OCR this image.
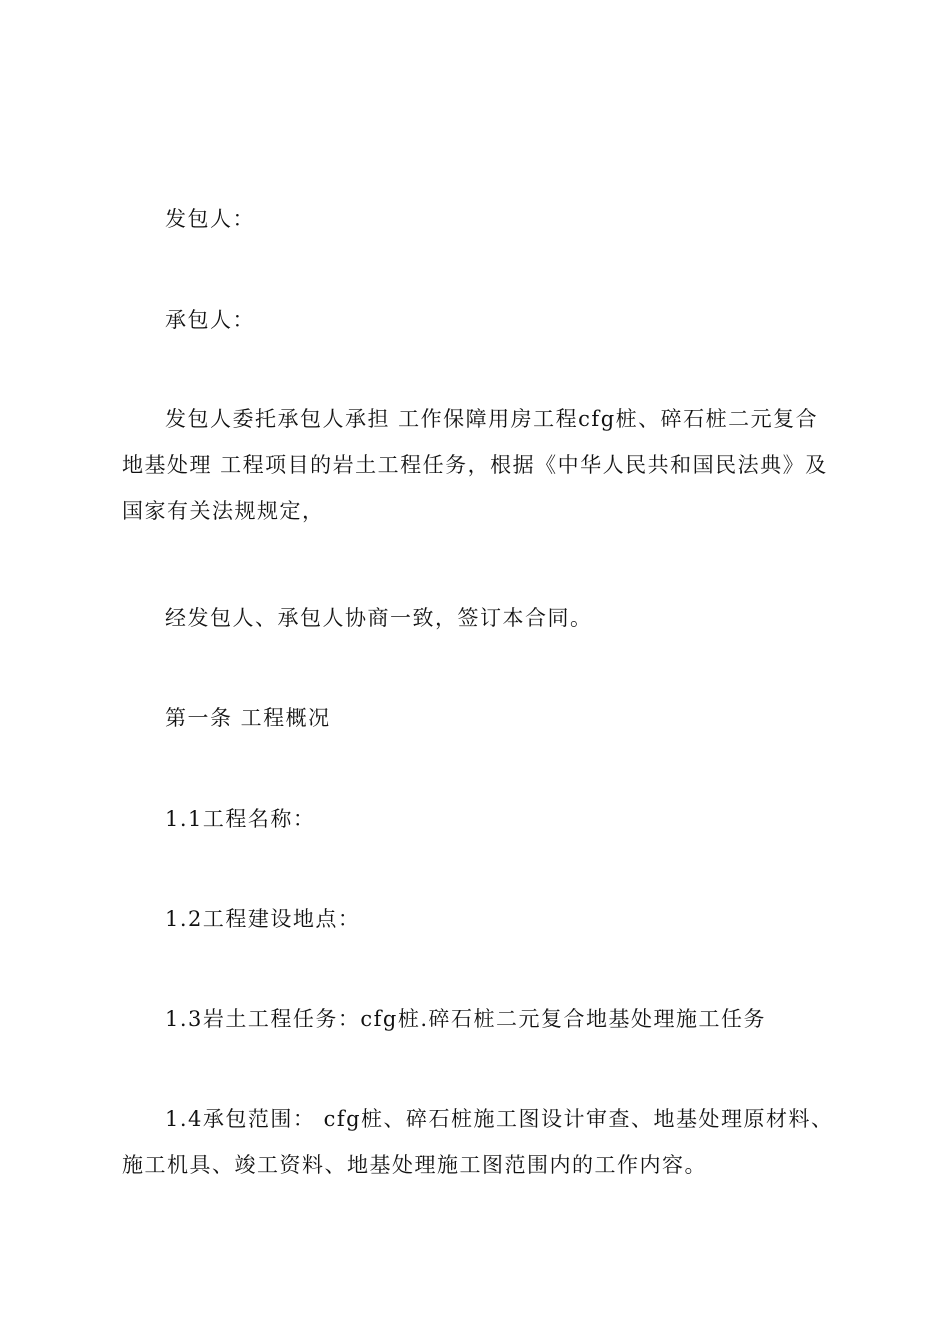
发包人：

承包人：

发包人委托承包人承担 工作保障用房工程cfg桩、碎石桩二元复合地基处理 工程项目的岩土工程任务，根据《中华人民共和国民法典》及国家有关法规规定，

经发包人、承包人协商一致，签订本合同。

第一条 工程概况

1.1工程名称：

1.2工程建设地点：

1.3岩土工程任务：cfg桩.碎石桩二元复合地基处理施工任务

1.4承包范围： cfg桩、碎石桩施工图设计审查、地基处理原材料、施工机具、竣工资料、地基处理施工图范围内的工作内容。
